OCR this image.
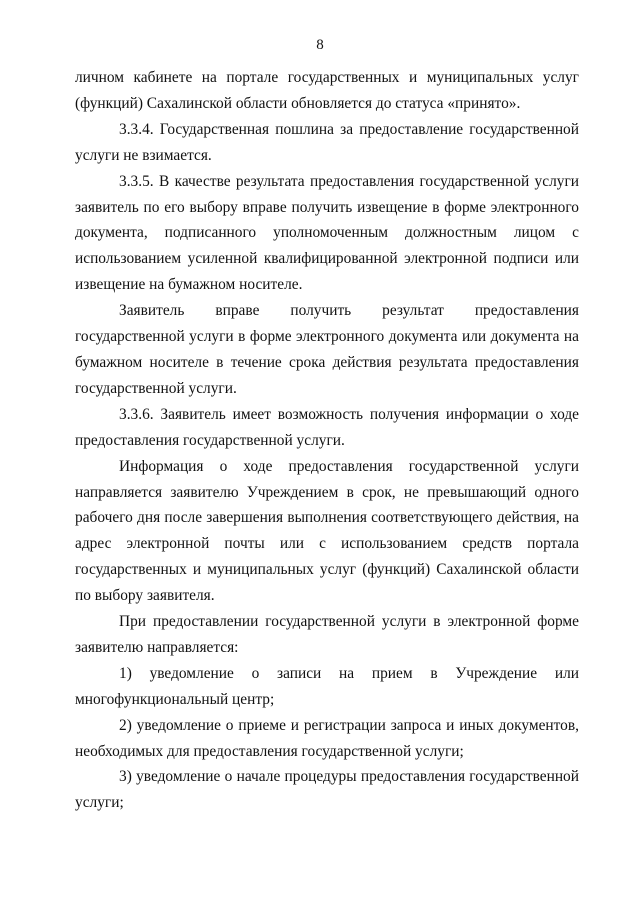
8

личном кабинете на портале государственных и муниципальных услуг (функций) Сахалинской области обновляется до статуса «принято».

3.3.4. Государственная пошлина за предоставление государственной услуги не взимается.

3.3.5. В качестве результата предоставления государственной услуги заявитель по его выбору вправе получить извещение в форме электронного документа, подписанного уполномоченным должностным лицом с использованием усиленной квалифицированной электронной подписи или извещение на бумажном носителе.

Заявитель вправе получить результат предоставления государственной услуги в форме электронного документа или документа на бумажном носителе в течение срока действия результата предоставления государственной услуги.

3.3.6. Заявитель имеет возможность получения информации о ходе предоставления государственной услуги.

Информация о ходе предоставления государственной услуги направляется заявителю Учреждением в срок, не превышающий одного рабочего дня после завершения выполнения соответствующего действия, на адрес электронной почты или с использованием средств портала государственных и муниципальных услуг (функций) Сахалинской области по выбору заявителя.

При предоставлении государственной услуги в электронной форме заявителю направляется:

1) уведомление о записи на прием в Учреждение или многофункциональный центр;

2) уведомление о приеме и регистрации запроса и иных документов, необходимых для предоставления государственной услуги;

3) уведомление о начале процедуры предоставления государственной услуги;
